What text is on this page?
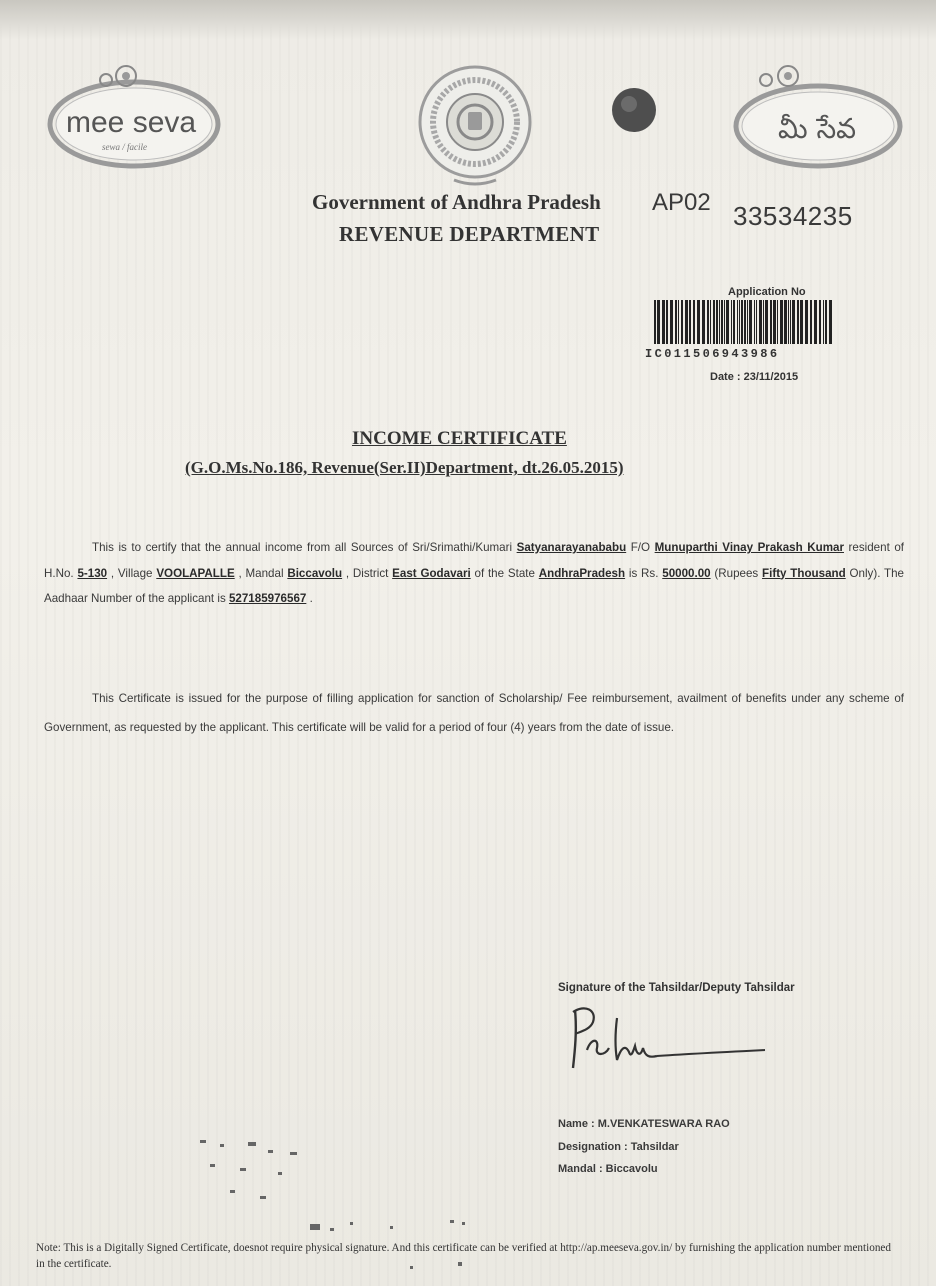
mee seva
sewa / facile
మీ సేవ
Government of Andhra Pradesh
REVENUE DEPARTMENT
AP02 33534235
Application No
IC011506943986
Date : 23/11/2015
INCOME CERTIFICATE
(G.O.Ms.No.186, Revenue(Ser.II)Department, dt.26.05.2015)
This is to certify that the annual income from all Sources of Sri/Srimathi/Kumari Satyanarayanababu F/O Munuparthi Vinay Prakash Kumar resident of H.No. 5-130 , Village VOOLAPALLE , Mandal Biccavolu , District East Godavari of the State AndhraPradesh is Rs. 50000.00 (Rupees Fifty Thousand Only). The Aadhaar Number of the applicant is 527185976567 .
This Certificate is issued for the purpose of filling application for sanction of Scholarship/ Fee reimbursement, availment of benefits under any scheme of Government, as requested by the applicant. This certificate will be valid for a period of four (4) years from the date of issue.
Signature of the Tahsildar/Deputy Tahsildar
Name : M.VENKATESWARA RAO
Designation : Tahsildar
Mandal : Biccavolu
Note: This is a Digitally Signed Certificate, doesnot require physical signature. And this certificate can be verified at http://ap.meeseva.gov.in/ by furnishing the application number mentioned in the certificate.
